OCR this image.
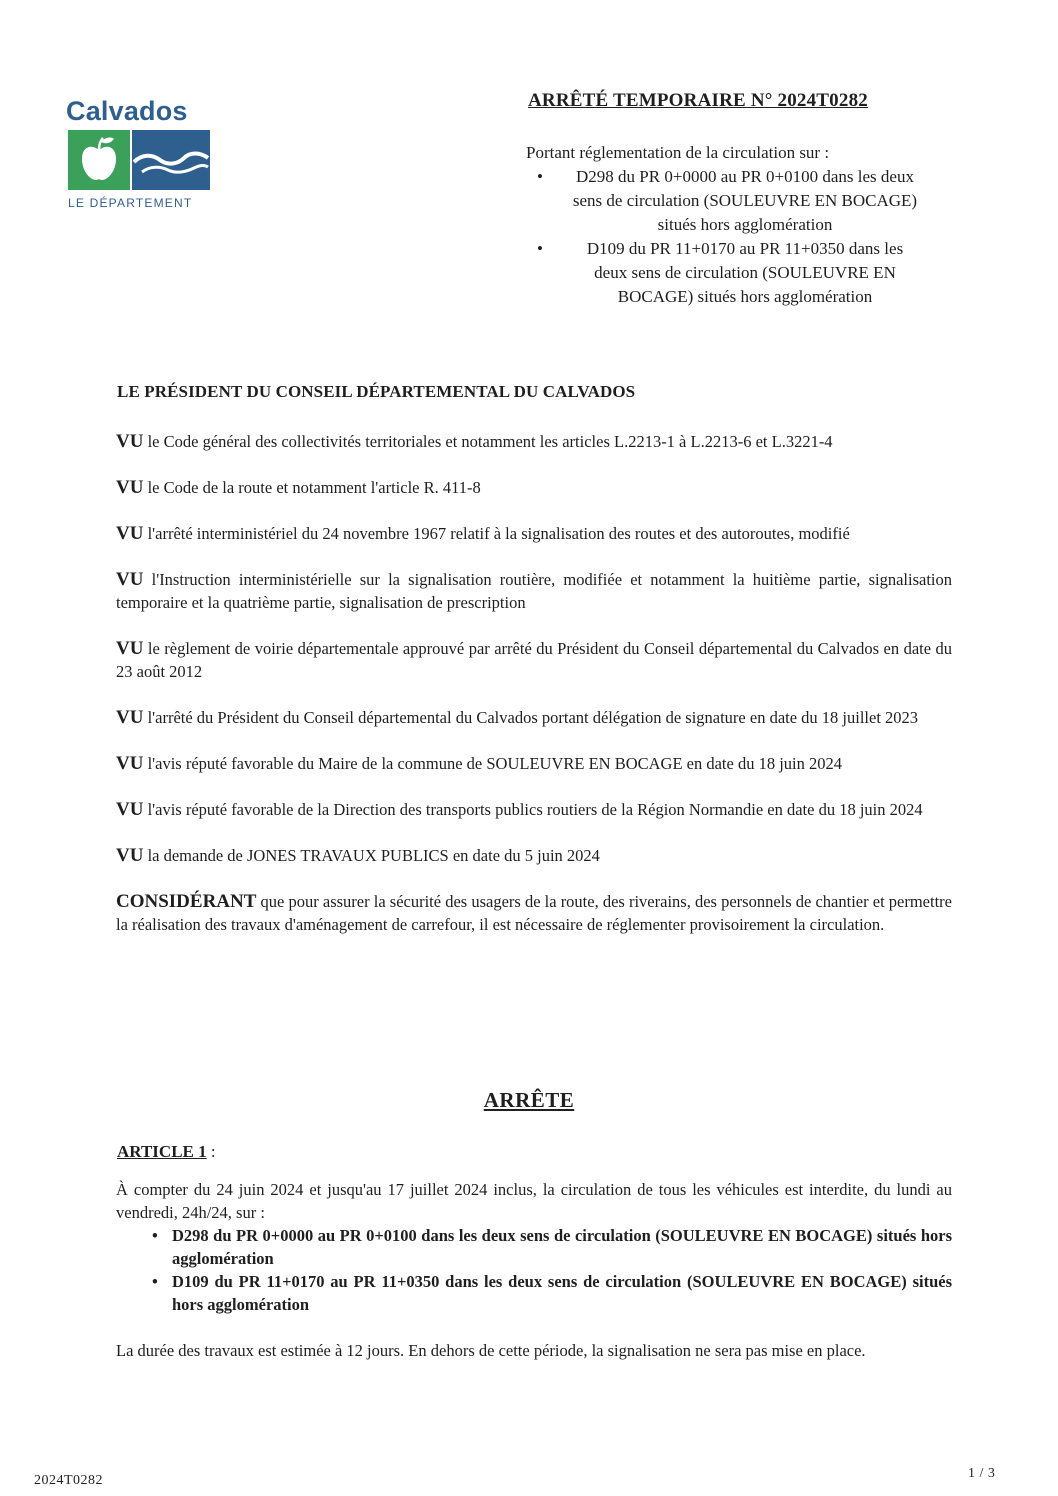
Calvados
LE DÉPARTEMENT
ARRÊTÉ TEMPORAIRE N° 2024T0282
Portant réglementation de la circulation sur :
• D298 du PR 0+0000 au PR 0+0100 dans les deux sens de circulation (SOULEUVRE EN BOCAGE) situés hors agglomération
•	D109 du PR 11+0170 au PR 11+0350 dans les deux sens de circulation (SOULEUVRE EN BOCAGE) situés hors agglomération
LE PRÉSIDENT DU CONSEIL DÉPARTEMENTAL DU CALVADOS

VU le Code général des collectivités territoriales et notamment les articles L.2213-1 à L.2213-6 et L.3221-4

VU le Code de la route et notamment l'article R. 411-8

VU l'arrêté interministériel du 24 novembre 1967 relatif à la signalisation des routes et des autoroutes, modifié

VU l'Instruction interministérielle sur la signalisation routière, modifiée et notamment la huitième partie, signalisation temporaire et la quatrième partie, signalisation de prescription

VU le règlement de voirie départementale approuvé par arrêté du Président du Conseil départemental du Calvados en date du 23 août 2012

VU l'arrêté du Président du Conseil départemental du Calvados portant délégation de signature en date du 18 juillet 2023

VU l'avis réputé favorable du Maire de la commune de SOULEUVRE EN BOCAGE en date du 18 juin 2024

VU l'avis réputé favorable de la Direction des transports publics routiers de la Région Normandie en date du 18 juin 2024

VU la demande de JONES TRAVAUX PUBLICS en date du 5 juin 2024

CONSIDÉRANT que pour assurer la sécurité des usagers de la route, des riverains, des personnels de chantier et permettre la réalisation des travaux d'aménagement de carrefour, il est nécessaire de réglementer provisoirement la circulation.

ARRÊTE
ARTICLE 1 :

À compter du 24 juin 2024 et jusqu'au 17 juillet 2024 inclus, la circulation de tous les véhicules est interdite, du lundi au vendredi, 24h/24, sur :

• D298 du PR 0+0000 au PR 0+0100 dans les deux sens de circulation (SOULEUVRE EN BOCAGE) situés hors agglomération
• D109 du PR 11+0170 au PR 11+0350 dans les deux sens de circulation (SOULEUVRE EN BOCAGE) situés hors agglomération

La durée des travaux est estimée à 12 jours. En dehors de cette période, la signalisation ne sera pas mise en place.

2024T0282	1 / 3
